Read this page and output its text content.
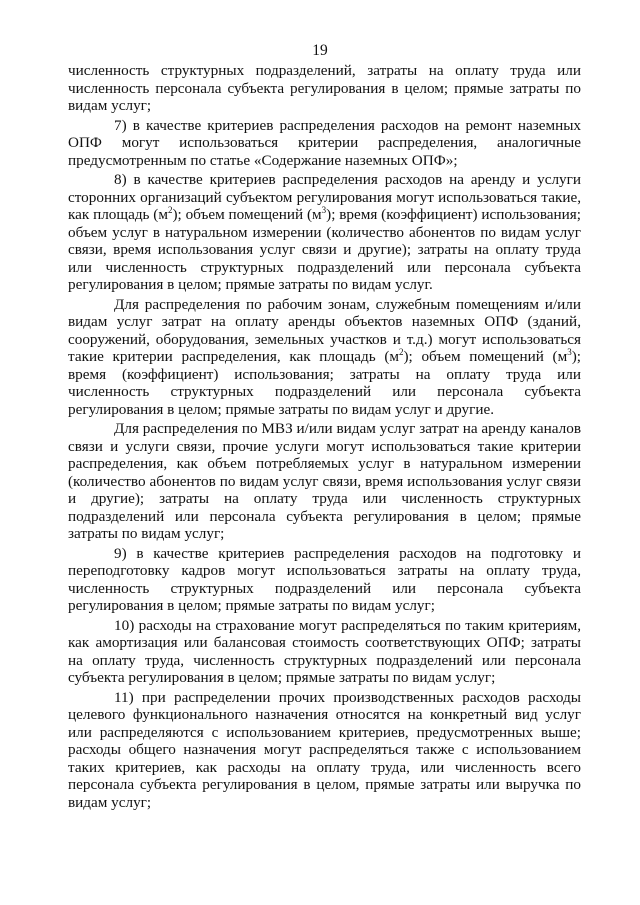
19

численность структурных подразделений, затраты на оплату труда или численность персонала субъекта регулирования в целом; прямые затраты по видам услуг;

7) в качестве критериев распределения расходов на ремонт наземных ОПФ могут использоваться критерии распределения, аналогичные предусмотренным по статье «Содержание наземных ОПФ»;

8) в качестве критериев распределения расходов на аренду и услуги сторонних организаций субъектом регулирования могут использоваться такие, как площадь $(м^2)$; объем помещений $(м^3)$; время (коэффициент) использования; объем услуг в натуральном измерении (количество абонентов по видам услуг связи, время использования услуг связи и другие); затраты на оплату труда или численность структурных подразделений или персонала субъекта регулирования в целом; прямые затраты по видам услуг.

Для распределения по рабочим зонам, служебным помещениям и/или видам услуг затрат на оплату аренды объектов наземных ОПФ (зданий, сооружений, оборудования, земельных участков и т.д.) могут использоваться такие критерии распределения, как площадь $(м^2)$; объем помещений $(м^3)$; время (коэффициент) использования; затраты на оплату труда или численность структурных подразделений или персонала субъекта регулирования в целом; прямые затраты по видам услуг и другие.

Для распределения по МВЗ и/или видам услуг затрат на аренду каналов связи и услуги связи, прочие услуги могут использоваться такие критерии распределения, как объем потребляемых услуг в натуральном измерении (количество абонентов по видам услуг связи, время использования услуг связи и другие); затраты на оплату труда или численность структурных подразделений или персонала субъекта регулирования в целом; прямые затраты по видам услуг;

9) в качестве критериев распределения расходов на подготовку и переподготовку кадров могут использоваться затраты на оплату труда, численность структурных подразделений или персонала субъекта регулирования в целом; прямые затраты по видам услуг;

10) расходы на страхование могут распределяться по таким критериям, как амортизация или балансовая стоимость соответствующих ОПФ; затраты на оплату труда, численность структурных подразделений или персонала субъекта регулирования в целом; прямые затраты по видам услуг;

11) при распределении прочих производственных расходов расходы целевого функционального назначения относятся на конкретный вид услуг или распределяются с использованием критериев, предусмотренных выше; расходы общего назначения могут распределяться также с использованием таких критериев, как расходы на оплату труда, или численность всего персонала субъекта регулирования в целом, прямые затраты или выручка по видам услуг;
